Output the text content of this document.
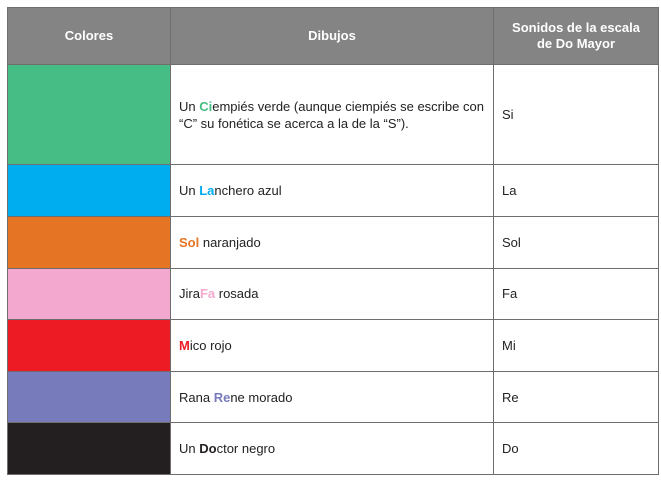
Colores	Dibujos	Sonidos de la escala de Do Mayor
	Un Ciempiés verde (aunque ciempiés se escribe con “C” su fonética se acerca a la de la “S”).	Si
	Un Lanchero azul	La
	Sol naranjado	Sol
	JiraFa rosada	Fa
	Mico rojo	Mi
	Rana Rene morado	Re
	Un Doctor negro	Do
